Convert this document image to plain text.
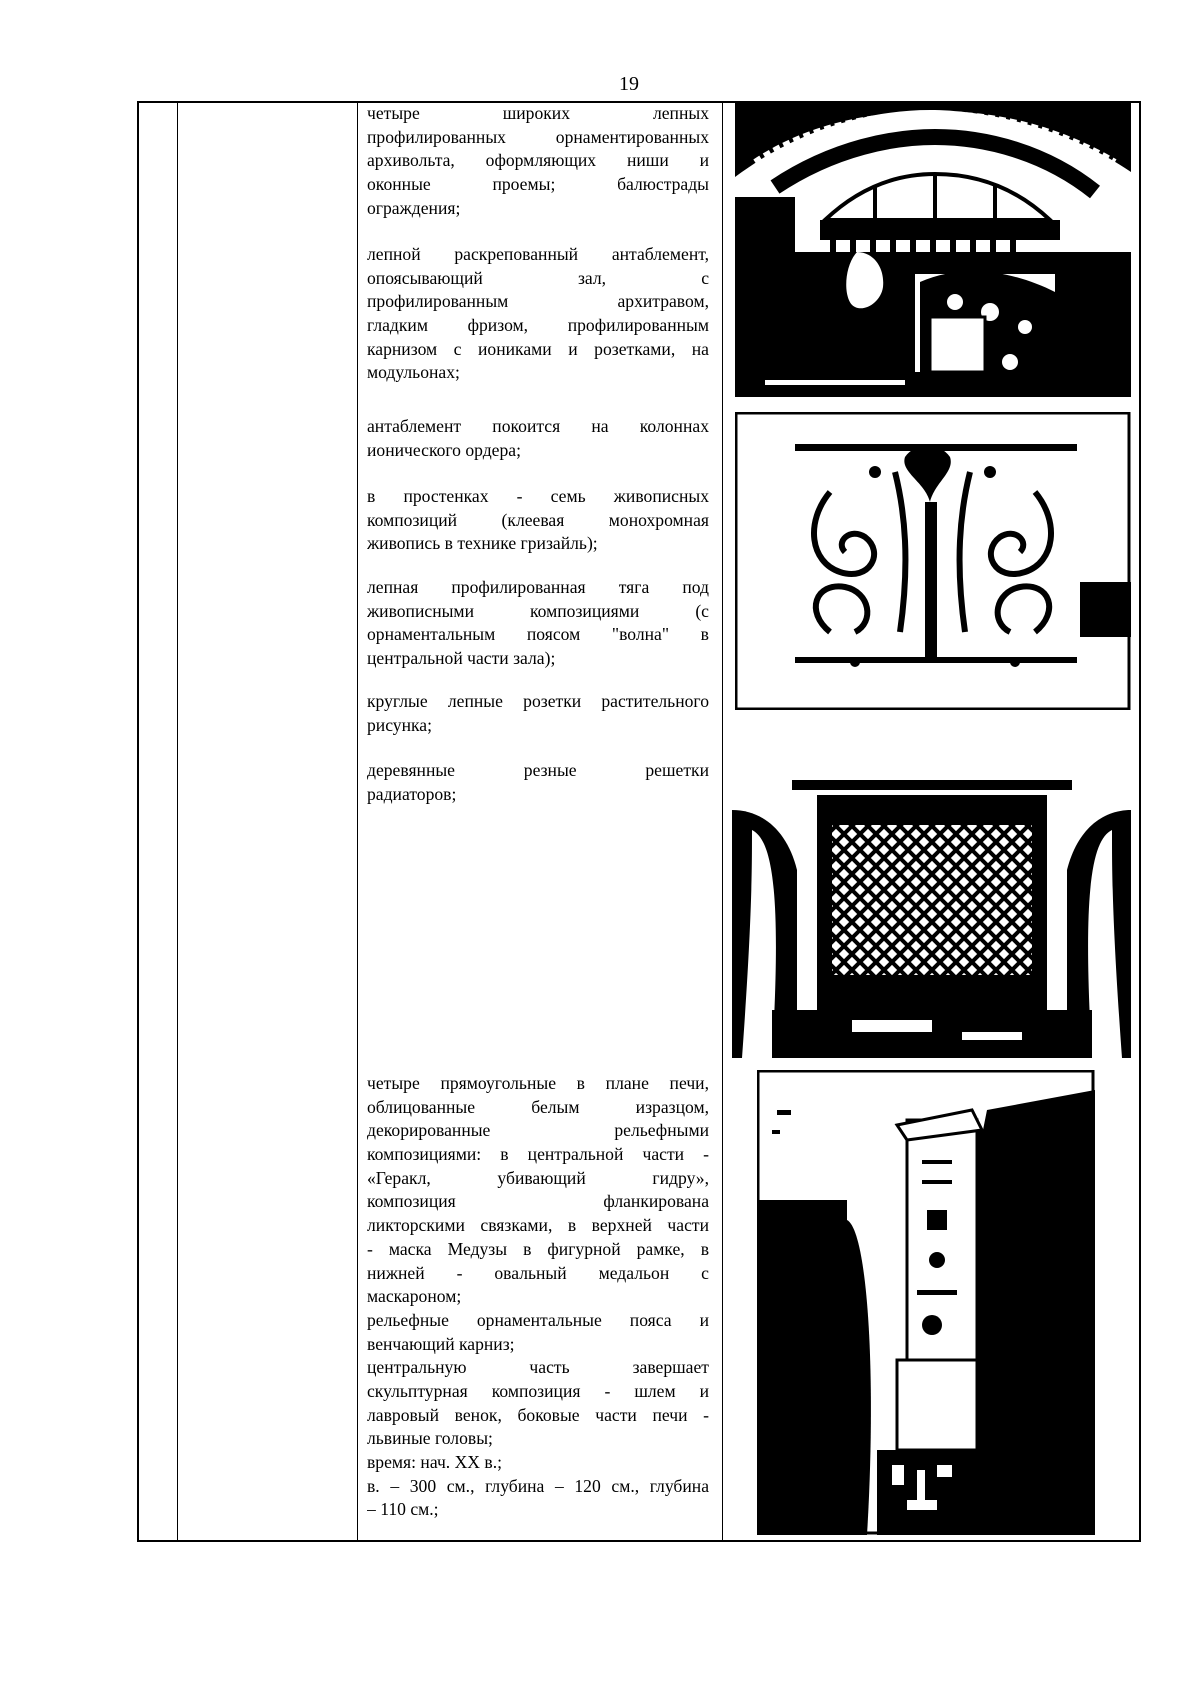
19

четыре широких лепных
профилированных орнаментированных
архивольта, оформляющих ниши и
оконные проемы; балюстрады
ограждения;

лепной раскрепованный антаблемент,
опоясывающий зал, с
профилированным архитравом,
гладким фризом, профилированным
карнизом с иониками и розетками, на
модульонах;

антаблемент покоится на колоннах
ионического ордера;

в простенках - семь живописных
композиций (клеевая монохромная
живопись в технике гризайль);

лепная профилированная тяга под
живописными композициями (с
орнаментальным поясом "волна" в
центральной части зала);

круглые лепные розетки растительного
рисунка;

деревянные резные решетки
радиаторов;

четыре прямоугольные в плане печи,
облицованные белым изразцом,
декорированные рельефными
композициями: в центральной части -
«Геракл, убивающий гидру»,
композиция фланкирована
ликторскими связками, в верхней части
- маска Медузы в фигурной рамке, в
нижней - овальный медальон с
маскароном;
рельефные орнаментальные пояса и
венчающий карниз;
центральную часть завершает
скульптурная композиция - шлем и
лавровый венок, боковые части печи -
львиные головы;
время: нач. XX в.;
в. – 300 см., глубина – 120 см., глубина
– 110 см.;
